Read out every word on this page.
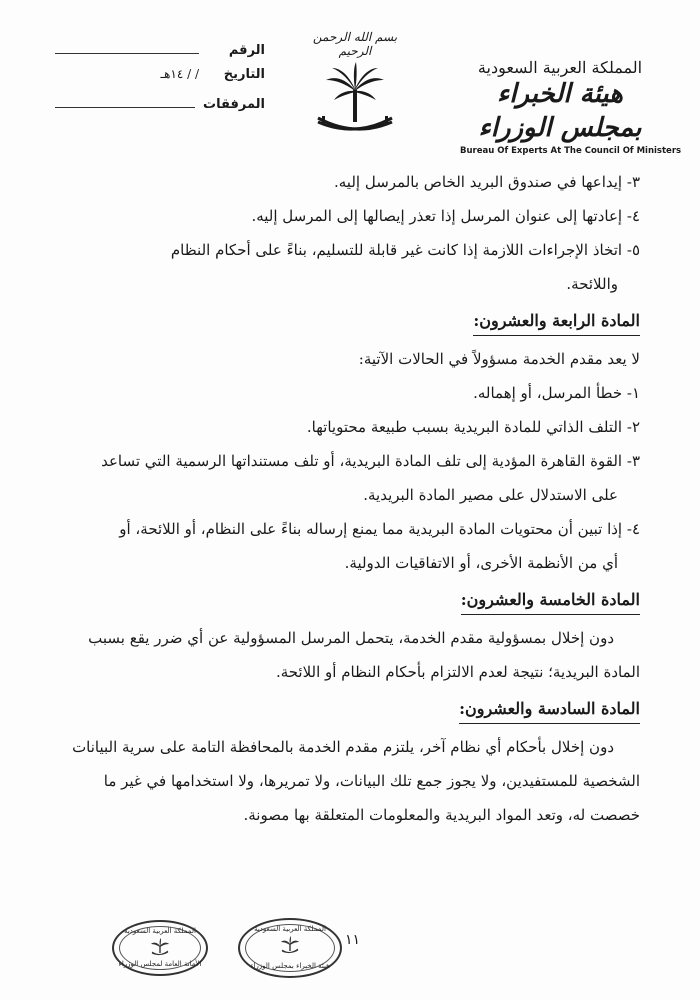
الرقم
التاريخ
/ / ١٤هـ
المرفقات
بسم الله الرحمن الرحيم
المملكة العربية السعودية
هيئة الخبراء بمجلس الوزراء
Bureau Of Experts At The Council Of Ministers
٣- إيداعها في صندوق البريد الخاص بالمرسل إليه.
٤- إعادتها إلى عنوان المرسل إذا تعذر إيصالها إلى المرسل إليه.
٥- اتخاذ الإجراءات اللازمة إذا كانت غير قابلة للتسليم، بناءً على أحكام النظام
واللائحة.
المادة الرابعة والعشرون:
لا يعد مقدم الخدمة مسؤولاً في الحالات الآتية:
١- خطأ المرسل، أو إهماله.
٢- التلف الذاتي للمادة البريدية بسبب طبيعة محتوياتها.
٣- القوة القاهرة المؤدية إلى تلف المادة البريدية، أو تلف مستنداتها الرسمية التي تساعد
على الاستدلال على مصير المادة البريدية.
٤- إذا تبين أن محتويات المادة البريدية مما يمنع إرساله بناءً على النظام، أو اللائحة، أو
أي من الأنظمة الأخرى، أو الاتفاقيات الدولية.
المادة الخامسة والعشرون:
دون إخلال بمسؤولية مقدم الخدمة، يتحمل المرسل المسؤولية عن أي ضرر يقع بسبب
المادة البريدية؛ نتيجة لعدم الالتزام بأحكام النظام أو اللائحة.
المادة السادسة والعشرون:
دون إخلال بأحكام أي نظام آخر، يلتزم مقدم الخدمة بالمحافظة التامة على سرية البيانات
الشخصية للمستفيدين، ولا يجوز جمع تلك البيانات، ولا تمريرها، ولا استخدامها في غير ما
خصصت له، وتعد المواد البريدية والمعلومات المتعلقة بها مصونة.
١١
المملكة العربية السعودية
الأمانة العامة لمجلس الوزراء
المملكة العربية السعودية
هيئة الخبراء بمجلس الوزراء
